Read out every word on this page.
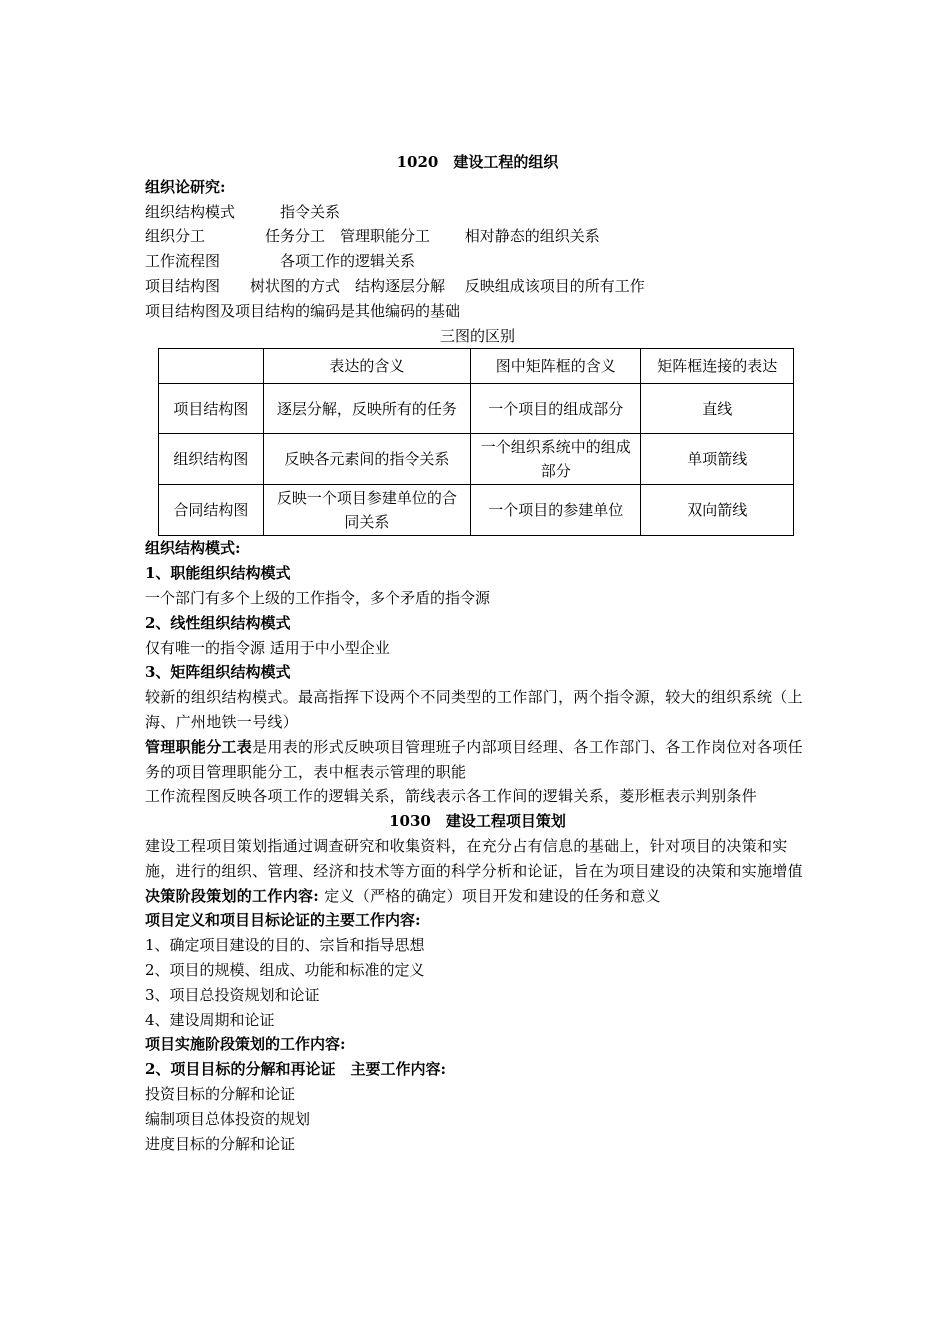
1020　建设工程的组织
组织论研究:
组织结构模式　　　指令关系
组织分工　　　　任务分工　管理职能分工　　 相对静态的组织关系
工作流程图　　　　各项工作的逻辑关系
项目结构图　　树状图的方式　结构逐层分解　 反映组成该项目的所有工作
项目结构图及项目结构的编码是其他编码的基础
三图的区别
	表达的含义	图中矩阵框的含义	矩阵框连接的表达
项目结构图	逐层分解，反映所有的任务	一个项目的组成部分	直线
组织结构图	反映各元素间的指令关系	一个组织系统中的组成部分	单项箭线
合同结构图	反映一个项目参建单位的合同关系	一个项目的参建单位	双向箭线
组织结构模式:
1、职能组织结构模式
一个部门有多个上级的工作指令，多个矛盾的指令源
2、线性组织结构模式
仅有唯一的指令源 适用于中小型企业
3、矩阵组织结构模式
较新的组织结构模式。最高指挥下设两个不同类型的工作部门，两个指令源，较大的组织系统（上海、广州地铁一号线）
管理职能分工表是用表的形式反映项目管理班子内部项目经理、各工作部门、各工作岗位对各项任务的项目管理职能分工，表中框表示管理的职能
工作流程图反映各项工作的逻辑关系，箭线表示各工作间的逻辑关系，菱形框表示判别条件
1030　建设工程项目策划
建设工程项目策划指通过调查研究和收集资料，在充分占有信息的基础上，针对项目的决策和实施，进行的组织、管理、经济和技术等方面的科学分析和论证，旨在为项目建设的决策和实施增值
决策阶段策划的工作内容: 定义（严格的确定）项目开发和建设的任务和意义
项目定义和项目目标论证的主要工作内容:
1、确定项目建设的目的、宗旨和指导思想
2、项目的规模、组成、功能和标准的定义
3、项目总投资规划和论证
4、建设周期和论证
项目实施阶段策划的工作内容:
2、项目目标的分解和再论证　主要工作内容:
投资目标的分解和论证
编制项目总体投资的规划
进度目标的分解和论证
